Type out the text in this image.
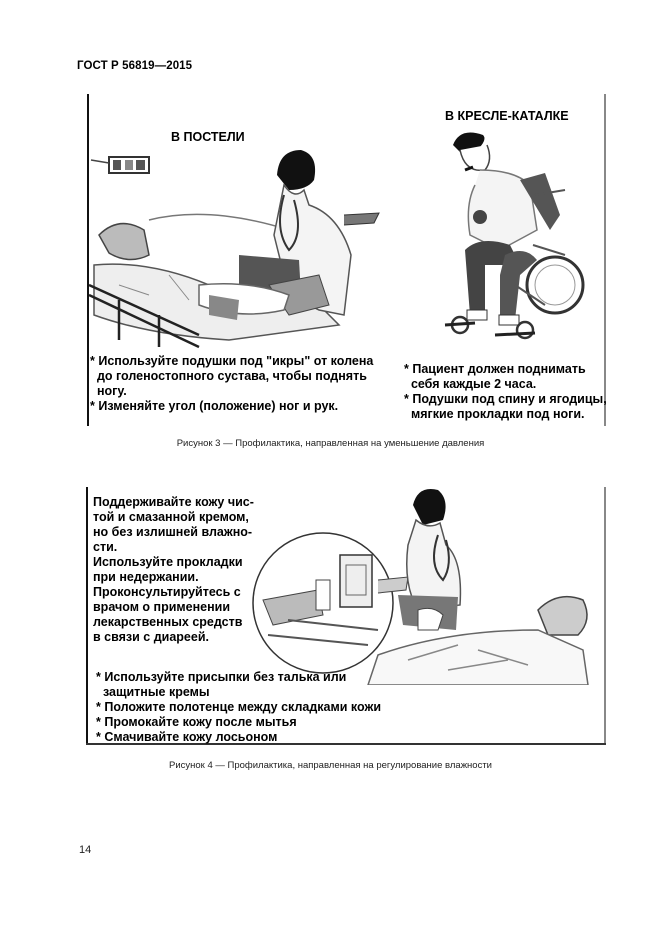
ГОСТ Р 56819—2015
В ПОСТЕЛИ
В КРЕСЛЕ-КАТАЛКЕ
* Используйте подушки под "икры" от колена
до голеностопного сустава, чтобы поднять
ногу.
* Изменяйте угол (положение) ног и рук.
* Пациент должен поднимать
себя каждые 2 часа.
* Подушки под спину и ягодицы,
мягкие прокладки под ноги.
Рисунок 3 — Профилактика, направленная на уменьшение давления
Поддерживайте кожу чис-
той и смазанной кремом,
но без излишней влажно-
сти.
Используйте прокладки
при недержании.
Проконсультируйтесь с
врачом о применении
лекарственных средств
в связи с диареей.
* Используйте присыпки без талька или
защитные кремы
* Положите полотенце между складками кожи
* Промокайте кожу после мытья
* Смачивайте кожу лосьоном
Рисунок 4 — Профилактика, направленная на регулирование влажности
14
